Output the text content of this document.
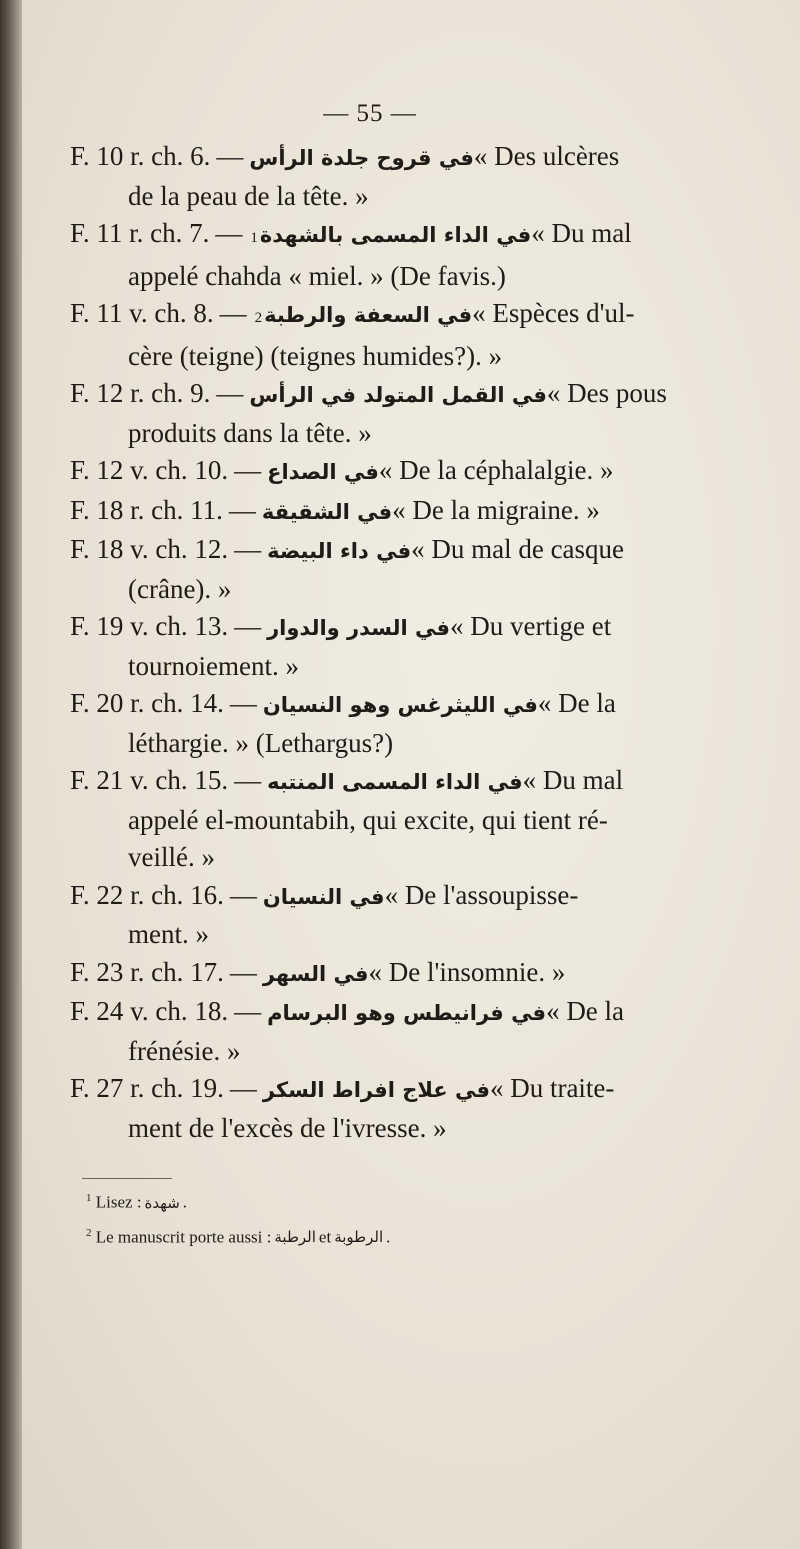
— 55 —
F. 10 r. ch. 6. — في قروح جلدة الرأس « Des ulcères
de la peau de la tête. »
F. 11 r. ch. 7. — 1 في الداء المسمى بالشهدة « Du mal
appelé chahda « miel. » (De favis.)
F. 11 v. ch. 8. — 2 في السعفة والرطبة « Espèces d'ul-
cère (teigne) (teignes humides?). »
F. 12 r. ch. 9. — في القمل المتولد في الرأس « Des pous
produits dans la tête. »
F. 12 v. ch. 10. — في الصداع « De la céphalalgie. »
F. 18 r. ch. 11. — في الشقيقة « De la migraine. »
F. 18 v. ch. 12. — في داء البيضة « Du mal de casque
(crâne). »
F. 19 v. ch. 13. — في السدر والدوار « Du vertige et
tournoiement. »
F. 20 r. ch. 14. — في الليثرغس وهو النسيان « De la
léthargie. » (Lethargus?)
F. 21 v. ch. 15. — في الداء المسمى المنتبه « Du mal
appelé el-mountabih, qui excite, qui tient ré-
veillé. »
F. 22 r. ch. 16. — في النسيان « De l'assoupisse-
ment. »
F. 23 r. ch. 17. — في السهر « De l'insomnie. »
F. 24 v. ch. 18. — في فرانيطس وهو البرسام « De la
frénésie. »
F. 27 r. ch. 19. — في علاج افراط السكر « Du traite-
ment de l'excès de l'ivresse. »
$^1$ Lisez : شهدة .
$^2$ Le manuscrit porte aussi : الرطبة et الرطوبة .
